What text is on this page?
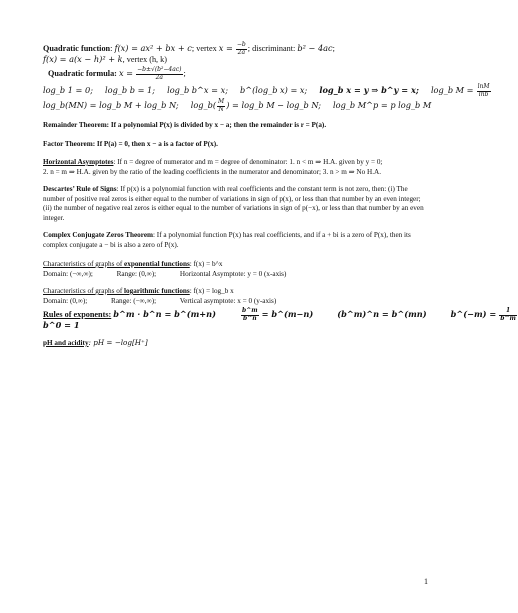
Quadratic function: f(x) = ax² + bx + c; vertex $x = \frac{-b}{2a}$ ; discriminant: b² − 4ac;
f(x) = a(x − h)² + k, vertex (h, k)
Quadratic formula: $x = \frac{\text{−b±√(b²−4ac)}}{2a}$ ;
log_b 1 = 0; log_b b = 1; log_b b^x = x; b^(log_b x) = x; log_b x = y ⇒ b^y = x; log_b $M = \frac{\ln M}{\ln b}$
log_b(MN) = log_b M + log_b N; log_b( $\frac{M}{N}$ ) = log_b M − log_b N; log_b M^p = p log_b M
Remainder Theorem: If a polynomial P(x) is divided by x − a; then the remainder is r = P(a).
Factor Theorem: If P(a) = 0, then x − a is a factor of P(x).
Horizontal Asymptotes: If n = degree of numerator and m = degree of denominator: 1. n < m ⇒ H.A. given by y = 0;
2. n = m ⇒ H.A. given by the ratio of the leading coefficients in the numerator and denominator; 3. n > m ⇒ No H.A.
Descartes’ Rule of Signs: If p(x) is a polynomial function with real coefficients and the constant term is not zero, then: (i) The number of positive real zeros is either equal to the number of variations in sign of p(x), or less than that number by an even integer; (ii) the number of negative real zeros is either equal to the number of variations in sign of p(−x), or less than that number by an even integer.
Complex Conjugate Zeros Theorem: If a polynomial function P(x) has real coefficients, and if a + bi is a zero of P(x), then its complex conjugate a − bi is also a zero of P(x).
Characteristics of graphs of exponential functions: f(x) = b^x
Domain: (−∞,∞);	Range: (0,∞);	Horizontal Asymptote: y = 0 (x-axis)
Characteristics of graphs of logarithmic functions: f(x) = log_b x
Domain: (0,∞);	Range: (−∞,∞);	Vertical asymptote: x = 0 (y-axis)
Rules of exponents: b^m · b^n = b^(m+n)	$\frac{b\^{}m}{b\^{}n}$ = b^(m−n)	(b^m)^n = b^(mn)	b^(−m) = $\frac{1}{b\^{}m}$
b^0 = 1
pH and acidity: pH = −log[H⁺]
1
